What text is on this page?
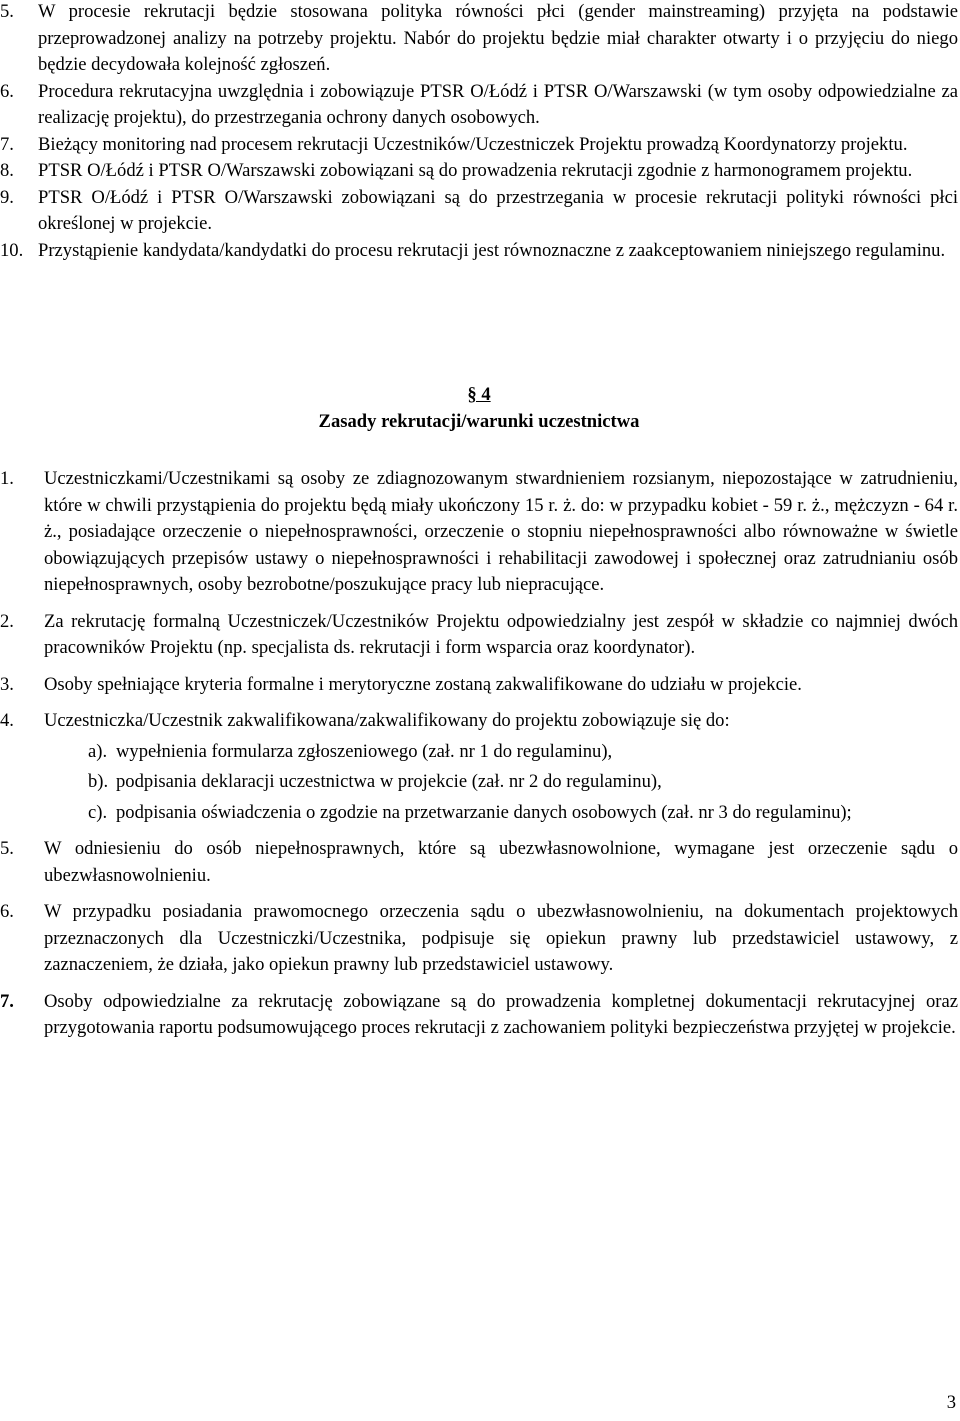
5.	W procesie rekrutacji będzie stosowana polityka równości płci (gender mainstreaming) przyjęta na podstawie przeprowadzonej analizy na potrzeby projektu. Nabór do projektu będzie miał charakter otwarty i o przyjęciu do niego będzie decydowała kolejność zgłoszeń.
6.	Procedura rekrutacyjna uwzględnia i zobowiązuje PTSR O/Łódź i PTSR O/Warszawski (w tym osoby odpowiedzialne za realizację projektu), do przestrzegania ochrony danych osobowych.
7.	Bieżący monitoring nad procesem rekrutacji Uczestników/Uczestniczek Projektu prowadzą Koordynatorzy projektu.
8.	PTSR O/Łódź i PTSR O/Warszawski zobowiązani są do prowadzenia rekrutacji zgodnie z harmonogramem projektu.
9.	PTSR O/Łódź i PTSR O/Warszawski zobowiązani są do przestrzegania w procesie rekrutacji polityki równości płci określonej w projekcie.
10. Przystąpienie kandydata/kandydatki do procesu rekrutacji jest równoznaczne z zaakceptowaniem niniejszego regulaminu.
§ 4
Zasady rekrutacji/warunki uczestnictwa
1.	Uczestniczkami/Uczestnikami są osoby ze zdiagnozowanym stwardnieniem rozsianym, niepozostające w zatrudnieniu, które w chwili przystąpienia do projektu będą miały ukończony 15 r. ż. do: w przypadku kobiet - 59 r. ż., mężczyzn - 64 r. ż., posiadające orzeczenie o niepełnosprawności, orzeczenie o stopniu niepełnosprawności albo równoważne w świetle obowiązujących przepisów ustawy o niepełnosprawności i rehabilitacji zawodowej i społecznej oraz zatrudnianiu osób niepełnosprawnych, osoby bezrobotne/poszukujące pracy lub niepracujące.
2.	Za rekrutację formalną Uczestniczek/Uczestników Projektu odpowiedzialny jest zespół w składzie co najmniej dwóch pracowników Projektu (np. specjalista ds. rekrutacji i form wsparcia oraz koordynator).
3.	Osoby spełniające kryteria formalne i merytoryczne zostaną zakwalifikowane do udziału w projekcie.
4.	Uczestniczka/Uczestnik zakwalifikowana/zakwalifikowany do projektu zobowiązuje się do:
a). wypełnienia formularza zgłoszeniowego (zał. nr 1 do regulaminu),
b). podpisania deklaracji uczestnictwa w projekcie (zał. nr 2 do regulaminu),
c). podpisania oświadczenia o zgodzie na przetwarzanie danych osobowych (zał. nr 3 do regulaminu);
5.	W odniesieniu do osób niepełnosprawnych, które są ubezwłasnowolnione, wymagane jest orzeczenie sądu o ubezwłasnowolnieniu.
6.	W przypadku posiadania prawomocnego orzeczenia sądu o ubezwłasnowolnieniu, na dokumentach projektowych przeznaczonych dla Uczestniczki/Uczestnika, podpisuje się opiekun prawny lub przedstawiciel ustawowy, z zaznaczeniem, że działa, jako opiekun prawny lub przedstawiciel ustawowy.
7.	Osoby odpowiedzialne za rekrutację zobowiązane są do prowadzenia kompletnej dokumentacji rekrutacyjnej oraz przygotowania raportu podsumowującego proces rekrutacji z zachowaniem polityki bezpieczeństwa przyjętej w projekcie.
3
